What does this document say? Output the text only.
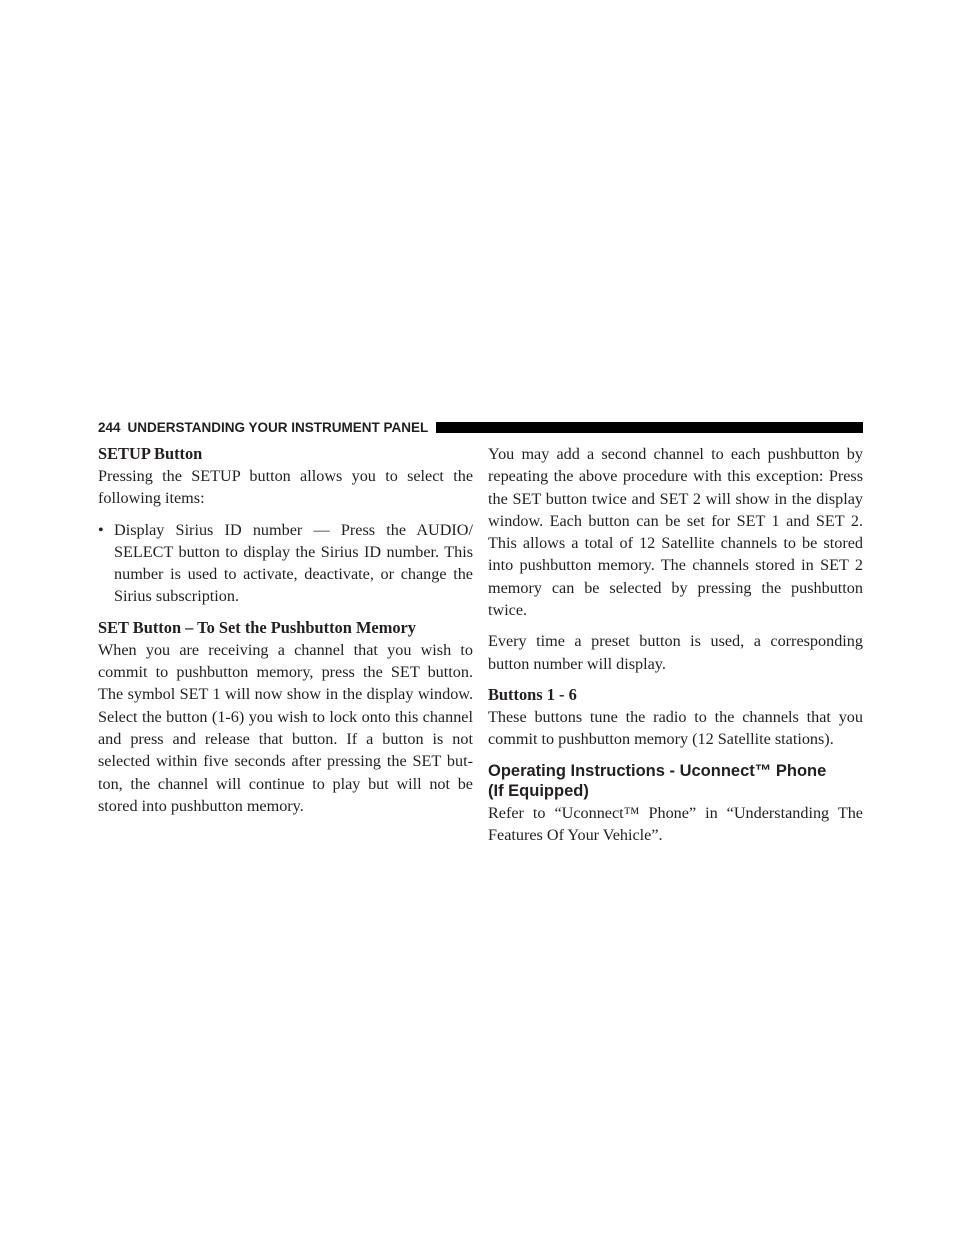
244 UNDERSTANDING YOUR INSTRUMENT PANEL
SETUP Button

Pressing the SETUP button allows you to select the following items:

• Display Sirius ID number — Press the AUDIO/ SELECT button to display the Sirius ID number. This number is used to activate, deactivate, or change the Sirius subscription.

SET Button – To Set the Pushbutton Memory

When you are receiving a channel that you wish to commit to pushbutton memory, press the SET button. The symbol SET 1 will now show in the display window. Select the button (1-6) you wish to lock onto this channel and press and release that button. If a button is not selected within five seconds after pressing the SET but-ton, the channel will continue to play but will not be stored into pushbutton memory.

You may add a second channel to each pushbutton by repeating the above procedure with this exception: Press the SET button twice and SET 2 will show in the display window. Each button can be set for SET 1 and SET 2. This allows a total of 12 Satellite channels to be stored into pushbutton memory. The channels stored in SET 2 memory can be selected by pressing the pushbutton twice.

Every time a preset button is used, a corresponding button number will display.

Buttons 1 - 6

These buttons tune the radio to the channels that you commit to pushbutton memory (12 Satellite stations).

Operating Instructions - Uconnect™ Phone
(If Equipped)

Refer to “Uconnect™ Phone” in “Understanding The Features Of Your Vehicle”.
